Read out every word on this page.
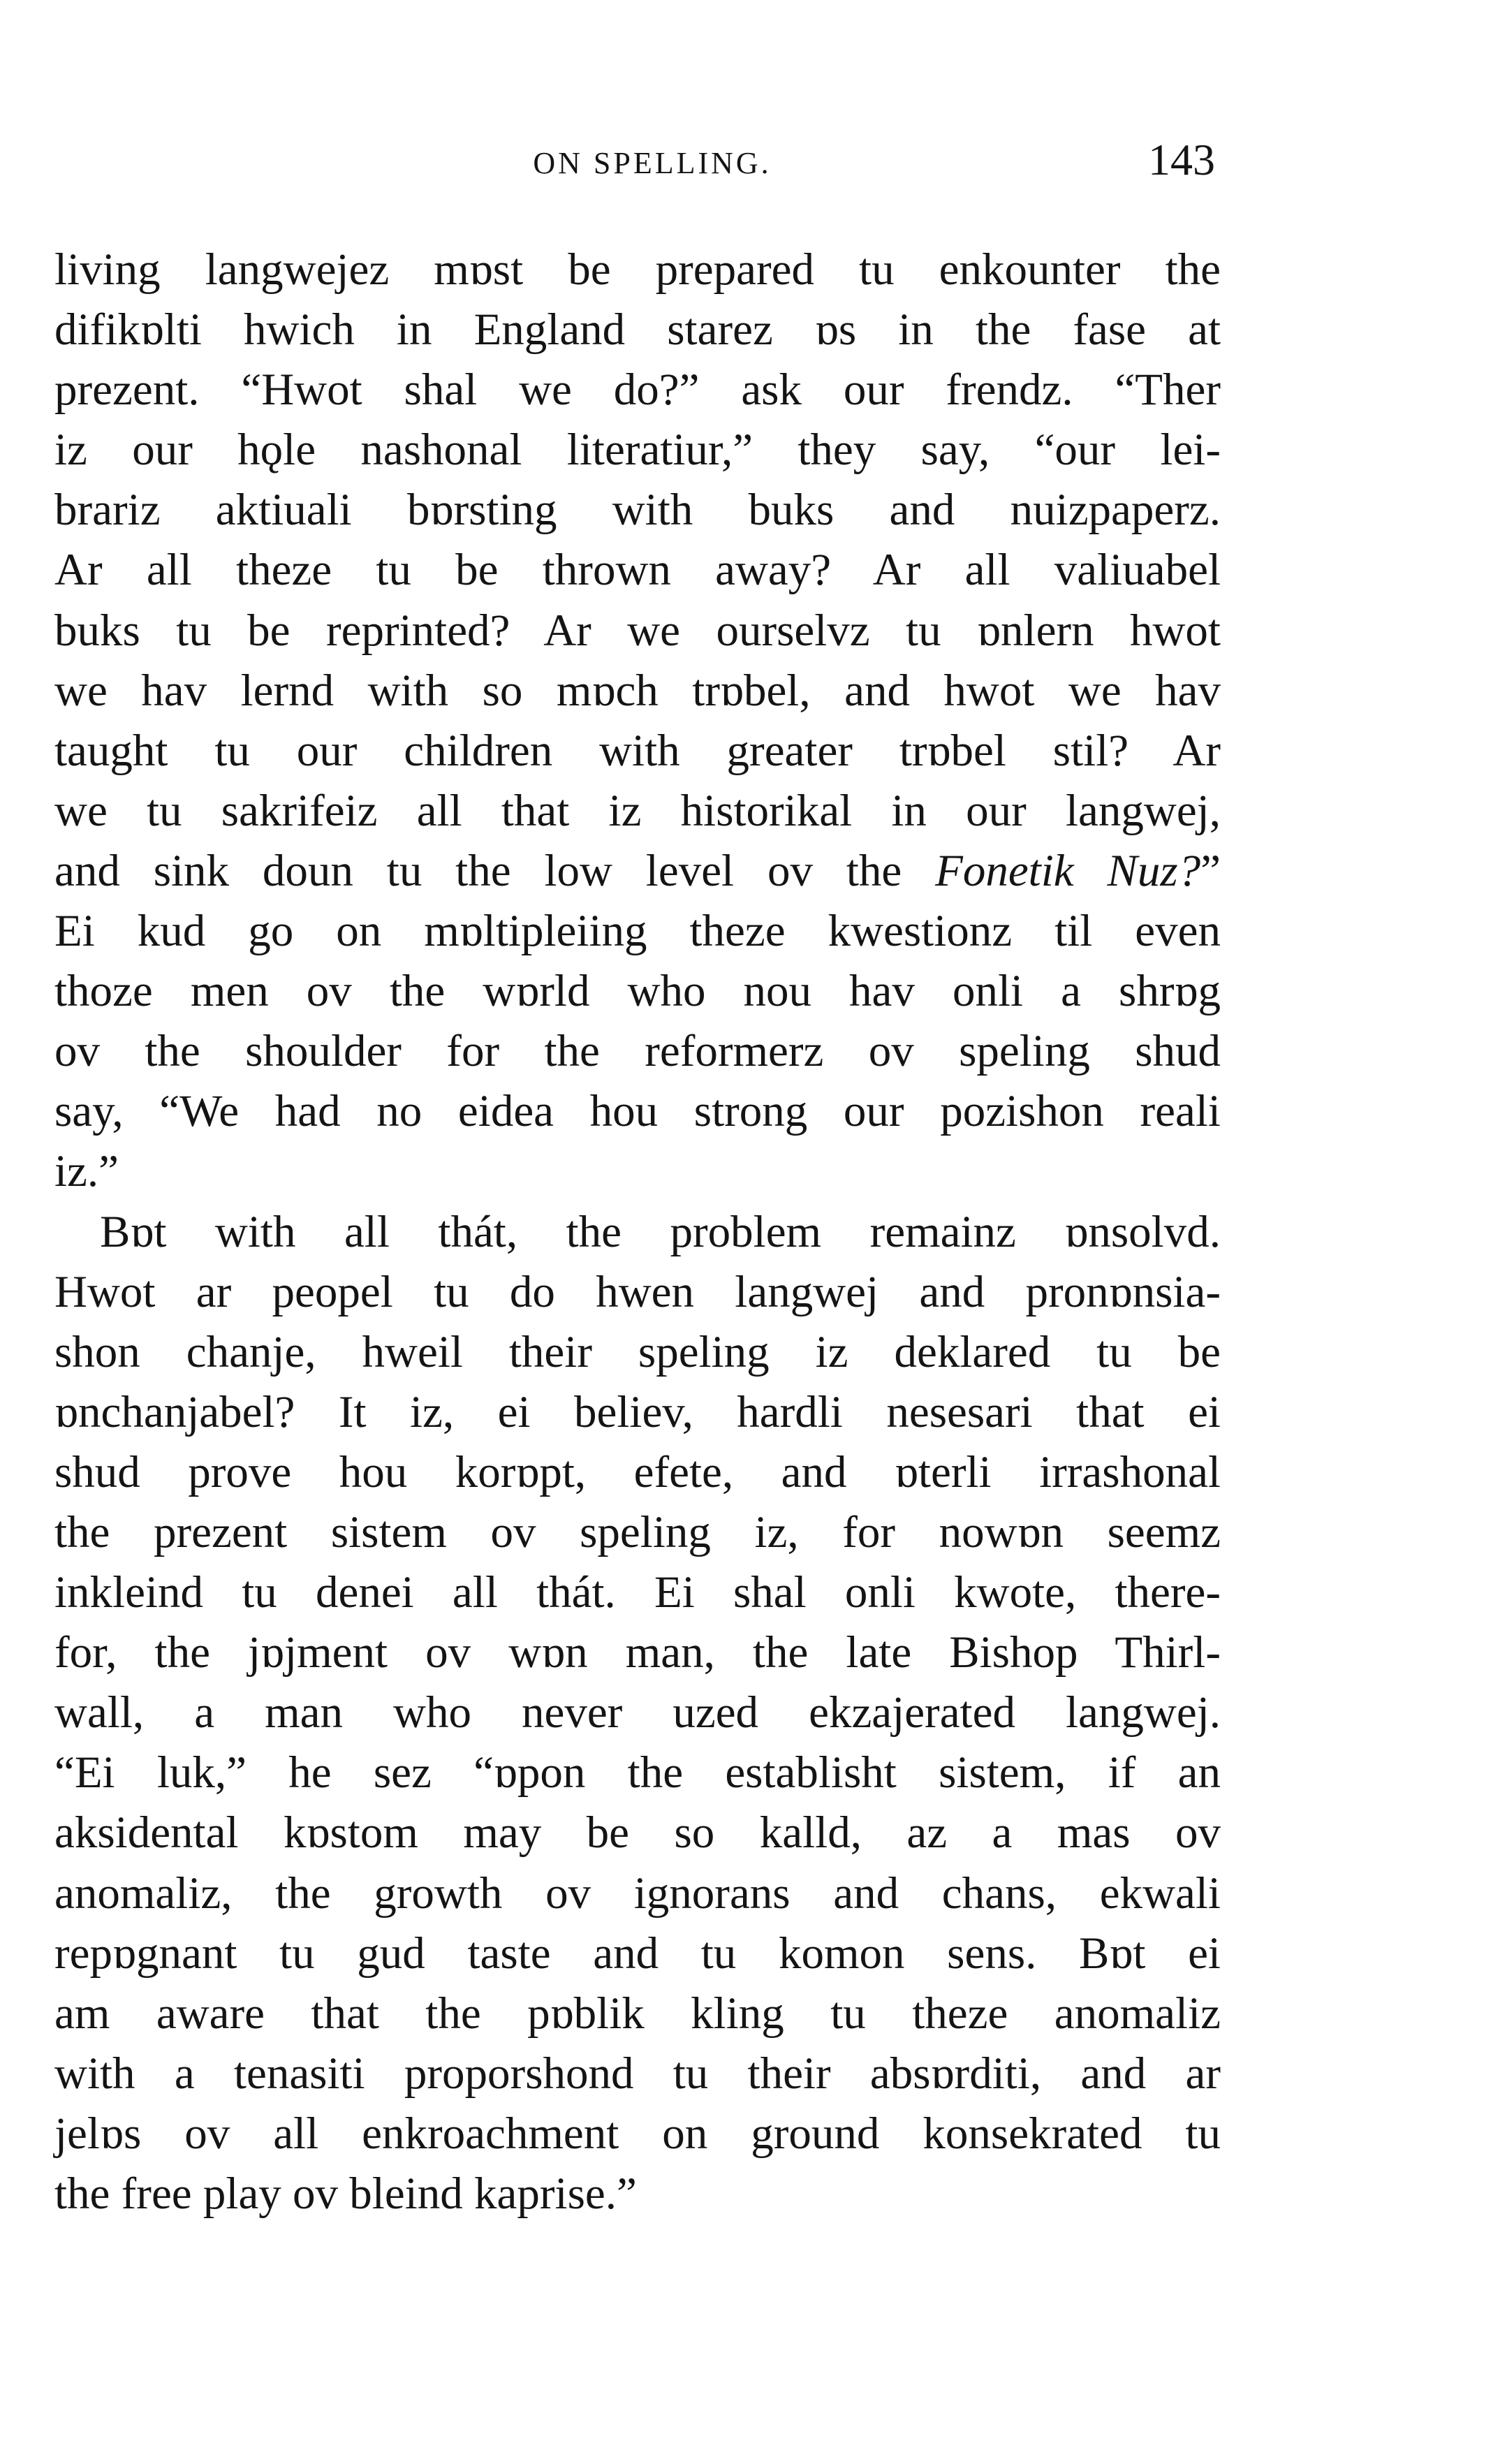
ON SPELLING.	143
living langwejez mɒst be prepared tu enkounter the
difikɒlti hwich in England starez ɒs in the fase at
prezent. “Hwot shal we do?” ask our frendz. “Ther
iz our hǫle nashonal literatiur,” they say, “our lei-
brariz aktiuali bɒrsting with buks and nuizpaperz.
Ar all theze tu be thrown away? Ar all valiuabel
buks tu be reprinted? Ar we ourselvz tu ɒnlern hwot
we hav lernd with so mɒch trɒbel, and hwot we hav
taught tu our children with greater trɒbel stil? Ar
we tu sakrifeiz all that iz historikal in our langwej,
and sink doun tu the low level ov the Fonetik Nuz?”
Ei kud go on mɒltipleiing theze kwestionz til even
thoze men ov the wɒrld who nou hav onli a shrɒg
ov the shoulder for the reformerz ov speling shud
say, “We had no eidea hou strong our pozishon reali
iz.”
Bɒt with all thát, the problem remainz ɒnsolvd.
Hwot ar peopel tu do hwen langwej and pronɒnsia-
shon chanje, hweil their speling iz deklared tu be
ɒnchanjabel? It iz, ei believ, hardli nesesari that ei
shud prove hou korɒpt, efete, and ɒterli irrashonal
the prezent sistem ov speling iz, for nowɒn seemz
inkleind tu denei all thát. Ei shal onli kwote, there-
for, the jɒjment ov wɒn man, the late Bishop Thirl-
wall, a man who never uzed ekzajerated langwej.
“Ei luk,” he sez “ɒpon the establisht sistem, if an
aksidental kɒstom may be so kalld, az a mas ov
anomaliz, the growth ov ignorans and chans, ekwali
repɒgnant tu gud taste and tu komon sens. Bɒt ei
am aware that the pɒblik kling tu theze anomaliz
with a tenasiti proporshond tu their absɒrditi, and ar
jelɒs ov all enkroachment on ground konsekrated tu
the free play ov bleind kaprise.”
